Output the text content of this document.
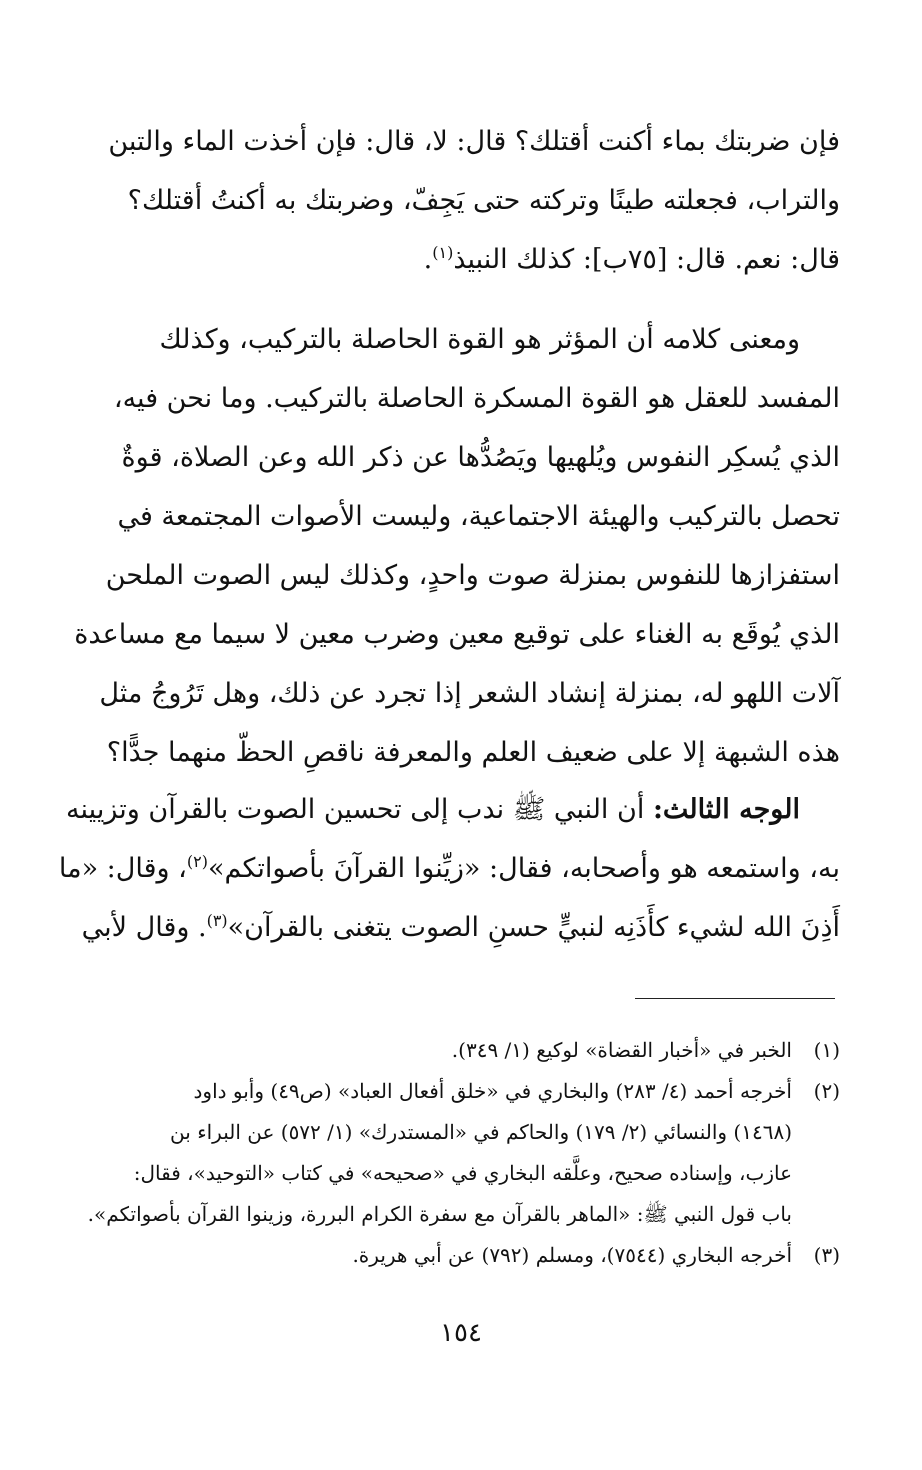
فإن ضربتك بماء أكنت أقتلك؟ قال: لا، قال: فإن أخذت الماء والتبن
والتراب، فجعلته طينًا وتركته حتى يَجِفّ، وضربتك به أكنتُ أقتلك؟
قال: نعم. قال: [٧٥ب]: كذلك النبيذ$^{(١)}$.
ومعنى كلامه أن المؤثر هو القوة الحاصلة بالتركيب، وكذلك
المفسد للعقل هو القوة المسكرة الحاصلة بالتركيب. وما نحن فيه،
الذي يُسكِر النفوس ويُلهيها ويَصُدُّها عن ذكر الله وعن الصلاة، قوةٌ
تحصل بالتركيب والهيئة الاجتماعية، وليست الأصوات المجتمعة في
استفزازها للنفوس بمنزلة صوت واحدٍ، وكذلك ليس الصوت الملحن
الذي يُوقَع به الغناء على توقيع معين وضرب معين لا سيما مع مساعدة
آلات اللهو له، بمنزلة إنشاد الشعر إذا تجرد عن ذلك، وهل تَرُوجُ مثل
هذه الشبهة إلا على ضعيف العلم والمعرفة ناقصِ الحظّ منهما جدًّا؟
الوجه الثالث: أن النبي ﷺ ندب إلى تحسين الصوت بالقرآن وتزيينه
به، واستمعه هو وأصحابه، فقال: «زيِّنوا القرآنَ بأصواتكم»$^{(٢)}$، وقال: «ما
أَذِنَ الله لشيء كأَذَنِه لنبيٍّ حسنِ الصوت يتغنى بالقرآن»$^{(٣)}$. وقال لأبي
(١)الخبر في «أخبار القضاة» لوكيع (١/ ٣٤٩).
(٢)أخرجه أحمد (٤/ ٢٨٣) والبخاري في «خلق أفعال العباد» (ص٤٩) وأبو داود
(١٤٦٨) والنسائي (٢/ ١٧٩) والحاكم في «المستدرك» (١/ ٥٧٢) عن البراء بن
عازب، وإسناده صحيح، وعلَّقه البخاري في «صحيحه» في كتاب «التوحيد»، فقال:
باب قول النبي ﷺ: «الماهر بالقرآن مع سفرة الكرام البررة، وزينوا القرآن بأصواتكم».
(٣)أخرجه البخاري (٧٥٤٤)، ومسلم (٧٩٢) عن أبي هريرة.
١٥٤
